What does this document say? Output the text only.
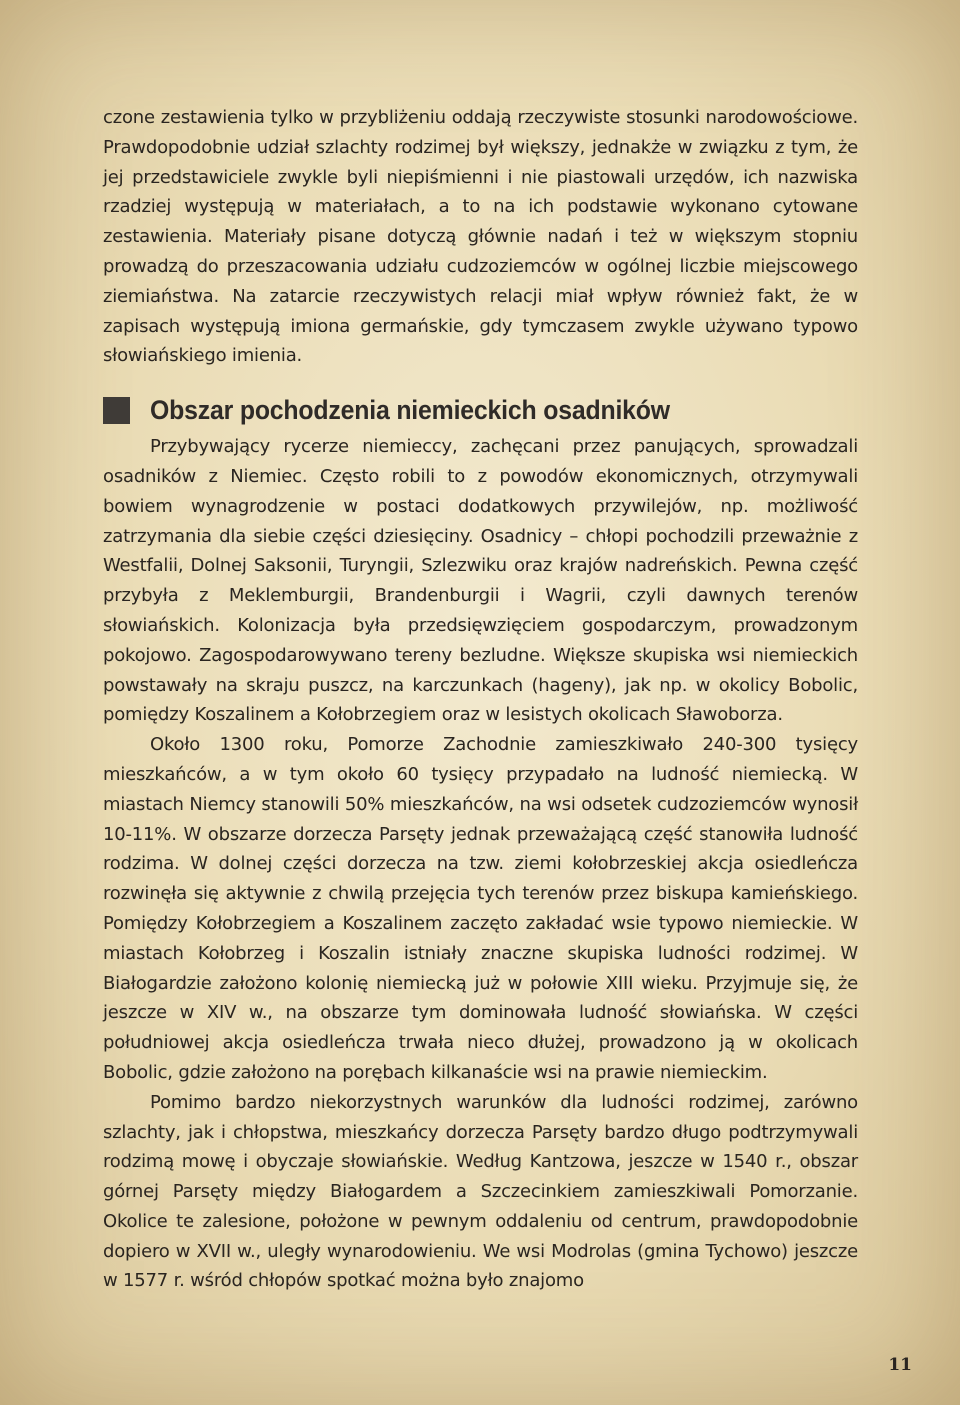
czone zestawienia tylko w przybliżeniu oddają rzeczywiste stosunki narodowościowe. Prawdopodobnie udział szlachty rodzimej był większy, jednakże w związku z tym, że jej przedstawiciele zwykle byli niepiśmienni i nie piastowali urzędów, ich nazwiska rzadziej występują w materiałach, a to na ich podstawie wykonano cytowane zestawienia. Materiały pisane dotyczą głównie nadań i też w większym stopniu prowadzą do przeszacowania udziału cudzoziemców w ogólnej liczbie miejscowego ziemiaństwa. Na zatarcie rzeczywistych relacji miał wpływ również fakt, że w zapisach występują imiona germańskie, gdy tymczasem zwykle używano typowo słowiańskiego imienia.

Obszar pochodzenia niemieckich osadników

Przybywający rycerze niemieccy, zachęcani przez panujących, sprowadzali osadników z Niemiec. Często robili to z powodów ekonomicznych, otrzymywali bowiem wynagrodzenie w postaci dodatkowych przywilejów, np. możliwość zatrzymania dla siebie części dziesięciny. Osadnicy – chłopi pochodzili przeważnie z Westfalii, Dolnej Saksonii, Turyngii, Szlezwiku oraz krajów nadreńskich. Pewna część przybyła z Meklemburgii, Brandenburgii i Wagrii, czyli dawnych terenów słowiańskich. Kolonizacja była przedsięwzięciem gospodarczym, prowadzonym pokojowo. Zagospodarowywano tereny bezludne. Większe skupiska wsi niemieckich powstawały na skraju puszcz, na karczunkach (hageny), jak np. w okolicy Bobolic, pomiędzy Koszalinem a Kołobrzegiem oraz w lesistych okolicach Sławoborza.

Około 1300 roku, Pomorze Zachodnie zamieszkiwało 240-300 tysięcy mieszkańców, a w tym około 60 tysięcy przypadało na ludność niemiecką. W miastach Niemcy stanowili 50% mieszkańców, na wsi odsetek cudzoziemców wynosił 10-11%. W obszarze dorzecza Parsęty jednak przeważającą część stanowiła ludność rodzima. W dolnej części dorzecza na tzw. ziemi kołobrzeskiej akcja osiedleńcza rozwinęła się aktywnie z chwilą przejęcia tych terenów przez biskupa kamieńskiego. Pomiędzy Kołobrzegiem a Koszalinem zaczęto zakładać wsie typowo niemieckie. W miastach Kołobrzeg i Koszalin istniały znaczne skupiska ludności rodzimej. W Białogardzie założono kolonię niemiecką już w połowie XIII wieku. Przyjmuje się, że jeszcze w XIV w., na obszarze tym dominowała ludność słowiańska. W części południowej akcja osiedleńcza trwała nieco dłużej, prowadzono ją w okolicach Bobolic, gdzie założono na porębach kilkanaście wsi na prawie niemieckim.

Pomimo bardzo niekorzystnych warunków dla ludności rodzimej, zarówno szlachty, jak i chłopstwa, mieszkańcy dorzecza Parsęty bardzo długo podtrzymywali rodzimą mowę i obyczaje słowiańskie. Według Kantzowa, jeszcze w 1540 r., obszar górnej Parsęty między Białogardem a Szczecinkiem zamieszkiwali Pomorzanie. Okolice te zalesione, położone w pewnym oddaleniu od centrum, prawdopodobnie dopiero w XVII w., uległy wynarodowieniu. We wsi Modrolas (gmina Tychowo) jeszcze w 1577 r. wśród chłopów spotkać można było znajomo

11
